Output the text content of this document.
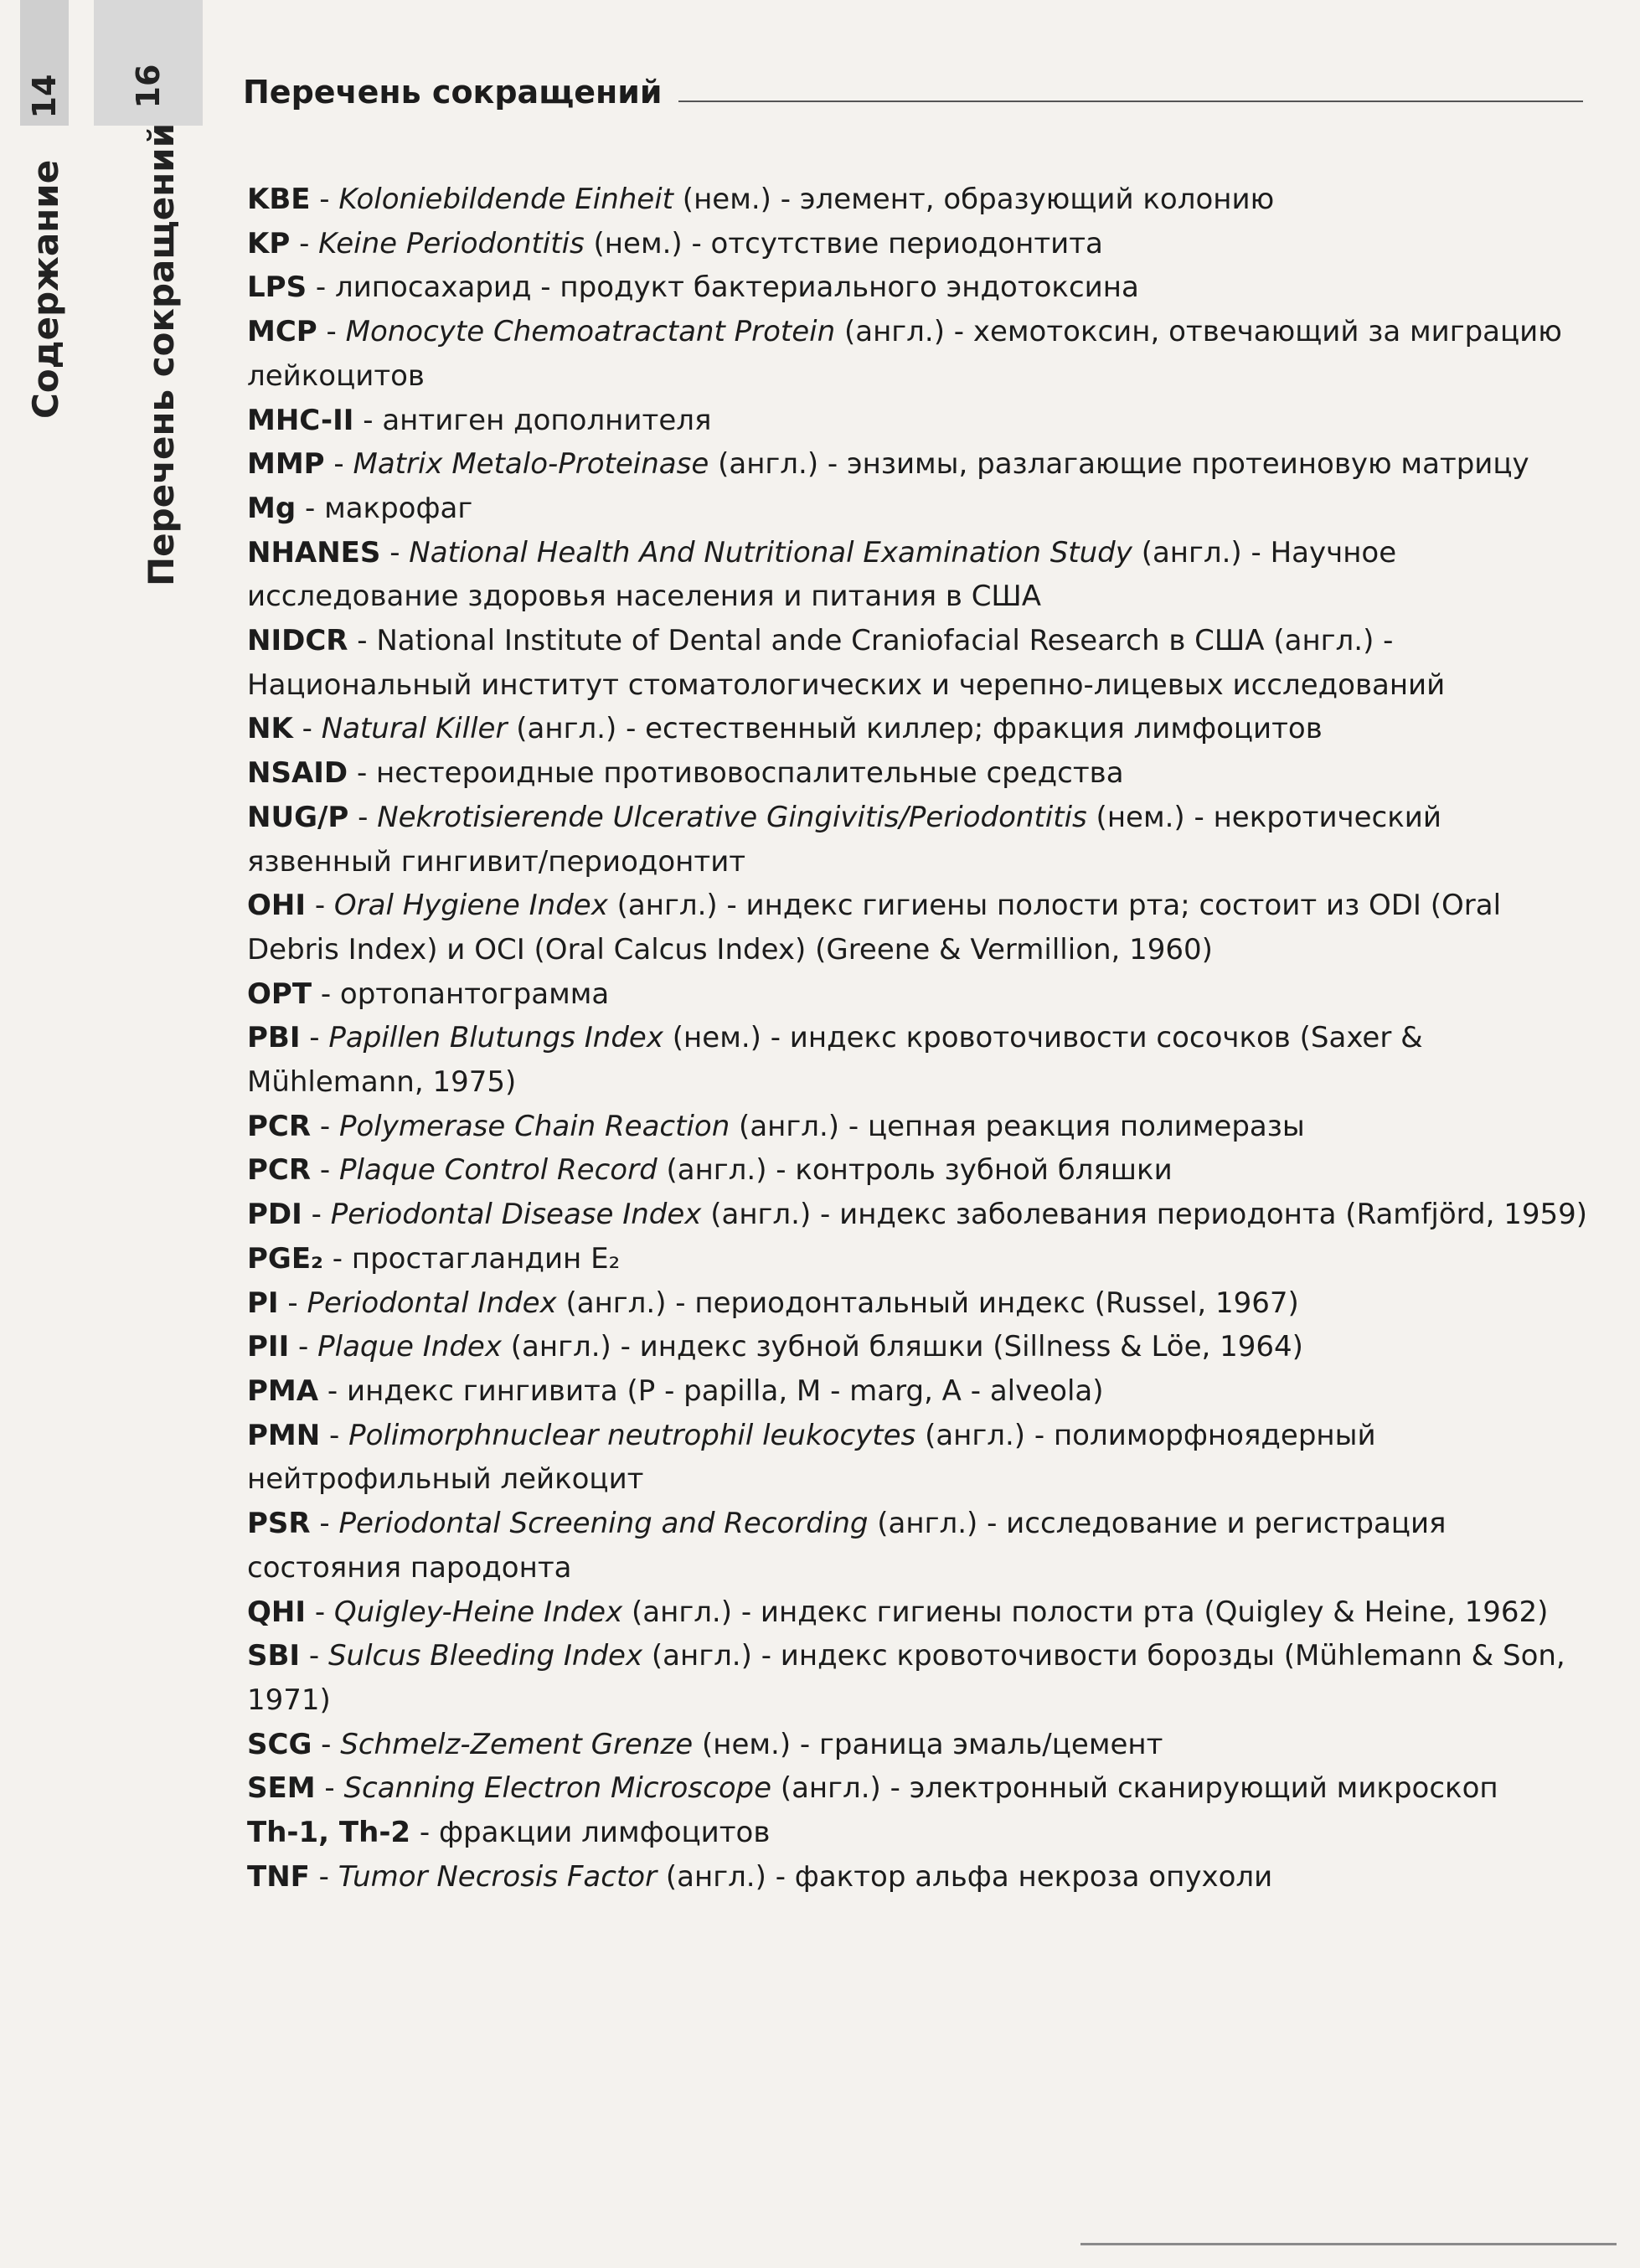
14 16
Содержание Перечень сокращений
Перечень сокращений

KBE - Koloniebildende Einheit (нем.) - элемент, образующий колонию

KP - Keine Periodontitis (нем.) - отсутствие периодонтита

LPS - липосахарид - продукт бактериального эндотоксина

MCP - Monocyte Chemoatractant Protein (англ.) - хемотоксин, отвечающий за миграцию лейкоцитов

MHC-II - антиген дополнителя

MMP - Matrix Metalo-Proteinase (англ.) - энзимы, разлагающие протеиновую матрицу

Mg - макрофаг

NHANES - National Health And Nutritional Examination Study (англ.) - Научное исследование здоровья населения и питания в США

NIDCR - National Institute of Dental ande Craniofacial Research в США (англ.) - Национальный институт стоматологических и черепно-лицевых исследований

NK - Natural Killer (англ.) - естественный киллер; фракция лимфоцитов

NSAID - нестероидные противовоспалительные средства

NUG/P - Nekrotisierende Ulcerative Gingivitis/Periodontitis (нем.) - некротический язвенный гингивит/периодонтит

OHI - Oral Hygiene Index (англ.) - индекс гигиены полости рта; состоит из ODI (Oral Debris Index) и OCI (Oral Calcus Index) (Greene & Vermillion, 1960)

OPT - ортопантограмма

PBI - Papillen Blutungs Index (нем.) - индекс кровоточивости сосочков (Saxer & Mühlemann, 1975)

PCR - Polymerase Chain Reaction (англ.) - цепная реакция полимеразы

PCR - Plaque Control Record (англ.) - контроль зубной бляшки

PDI - Periodontal Disease Index (англ.) - индекс заболевания периодонта (Ramfjörd, 1959)

PGE₂ - простагландин E₂

PI - Periodontal Index (англ.) - периодонтальный индекс (Russel, 1967)

PII - Plaque Index (англ.) - индекс зубной бляшки (Sillness & Löe, 1964)

PMA - индекс гингивита (P - papilla, M - marg, A - alveola)

PMN - Polimorphnuclear neutrophil leukocytes (англ.) - полиморфноядерный нейтрофильный лейкоцит

PSR - Periodontal Screening and Recording (англ.) - исследование и регистрация состояния пародонта

QHI - Quigley-Heine Index (англ.) - индекс гигиены полости рта (Quigley & Heine, 1962)

SBI - Sulcus Bleeding Index (англ.) - индекс кровоточивости борозды (Mühlemann & Son, 1971)

SCG - Schmelz-Zement Grenze (нем.) - граница эмаль/цемент

SEM - Scanning Electron Microscope (англ.) - электронный сканирующий микроскоп

Th-1, Th-2 - фракции лимфоцитов

TNF - Tumor Necrosis Factor (англ.) - фактор альфа некроза опухоли
